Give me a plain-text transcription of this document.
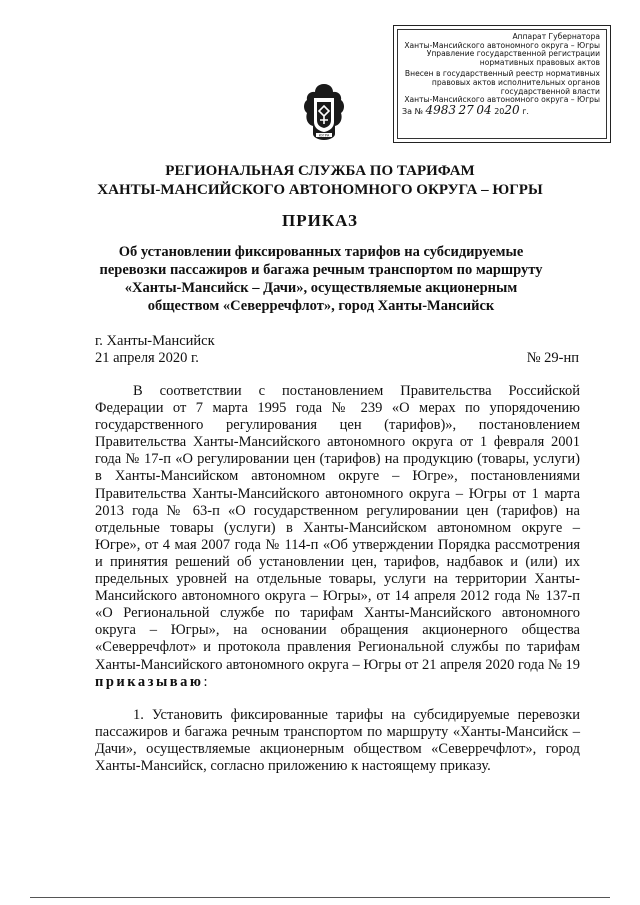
Аппарат Губернатора
Ханты-Мансийского автономного округа – Югры
Управление государственной регистрации
нормативных правовых актов
Внесен в государственный реестр нормативных
правовых актов исполнительных органов
государственной власти
Ханты-Мансийского автономного округа – Югры
За № 4983 27 04 2020 г.
ЮГРА
РЕГИОНАЛЬНАЯ СЛУЖБА ПО ТАРИФАМ
ХАНТЫ-МАНСИЙСКОГО АВТОНОМНОГО ОКРУГА – ЮГРЫ
ПРИКАЗ
Об установлении фиксированных тарифов на субсидируемые перевозки пассажиров и багажа речным транспортом по маршруту «Ханты-Мансийск – Дачи», осуществляемые акционерным обществом «Северречфлот», город Ханты-Мансийск
г. Ханты-Мансийск
21 апреля 2020 г.	№ 29-нп

В соответствии с постановлением Правительства Российской Федерации от 7 марта 1995 года № 239 «О мерах по упорядочению государственного регулирования цен (тарифов)», постановлением Правительства Ханты-Мансийского автономного округа от 1 февраля 2001 года № 17-п «О регулировании цен (тарифов) на продукцию (товары, услуги) в Ханты-Мансийском автономном округе – Югре», постановлениями Правительства Ханты-Мансийского автономного округа – Югры от 1 марта 2013 года № 63-п «О государственном регулировании цен (тарифов) на отдельные товары (услуги) в Ханты-Мансийском автономном округе – Югре», от 4 мая 2007 года № 114-п «Об утверждении Порядка рассмотрения и принятия решений об установлении цен, тарифов, надбавок и (или) их предельных уровней на отдельные товары, услуги на территории Ханты-Мансийского автономного округа – Югры», от 14 апреля 2012 года № 137-п «О Региональной службе по тарифам Ханты-Мансийского автономного округа – Югры», на основании обращения акционерного общества «Северречфлот» и протокола правления Региональной службы по тарифам Ханты-Мансийского автономного округа – Югры от 21 апреля 2020 года № 19 приказываю:

1. Установить фиксированные тарифы на субсидируемые перевозки пассажиров и багажа речным транспортом по маршруту «Ханты-Мансийск – Дачи», осуществляемые акционерным обществом «Северречфлот», город Ханты-Мансийск, согласно приложению к настоящему приказу.
